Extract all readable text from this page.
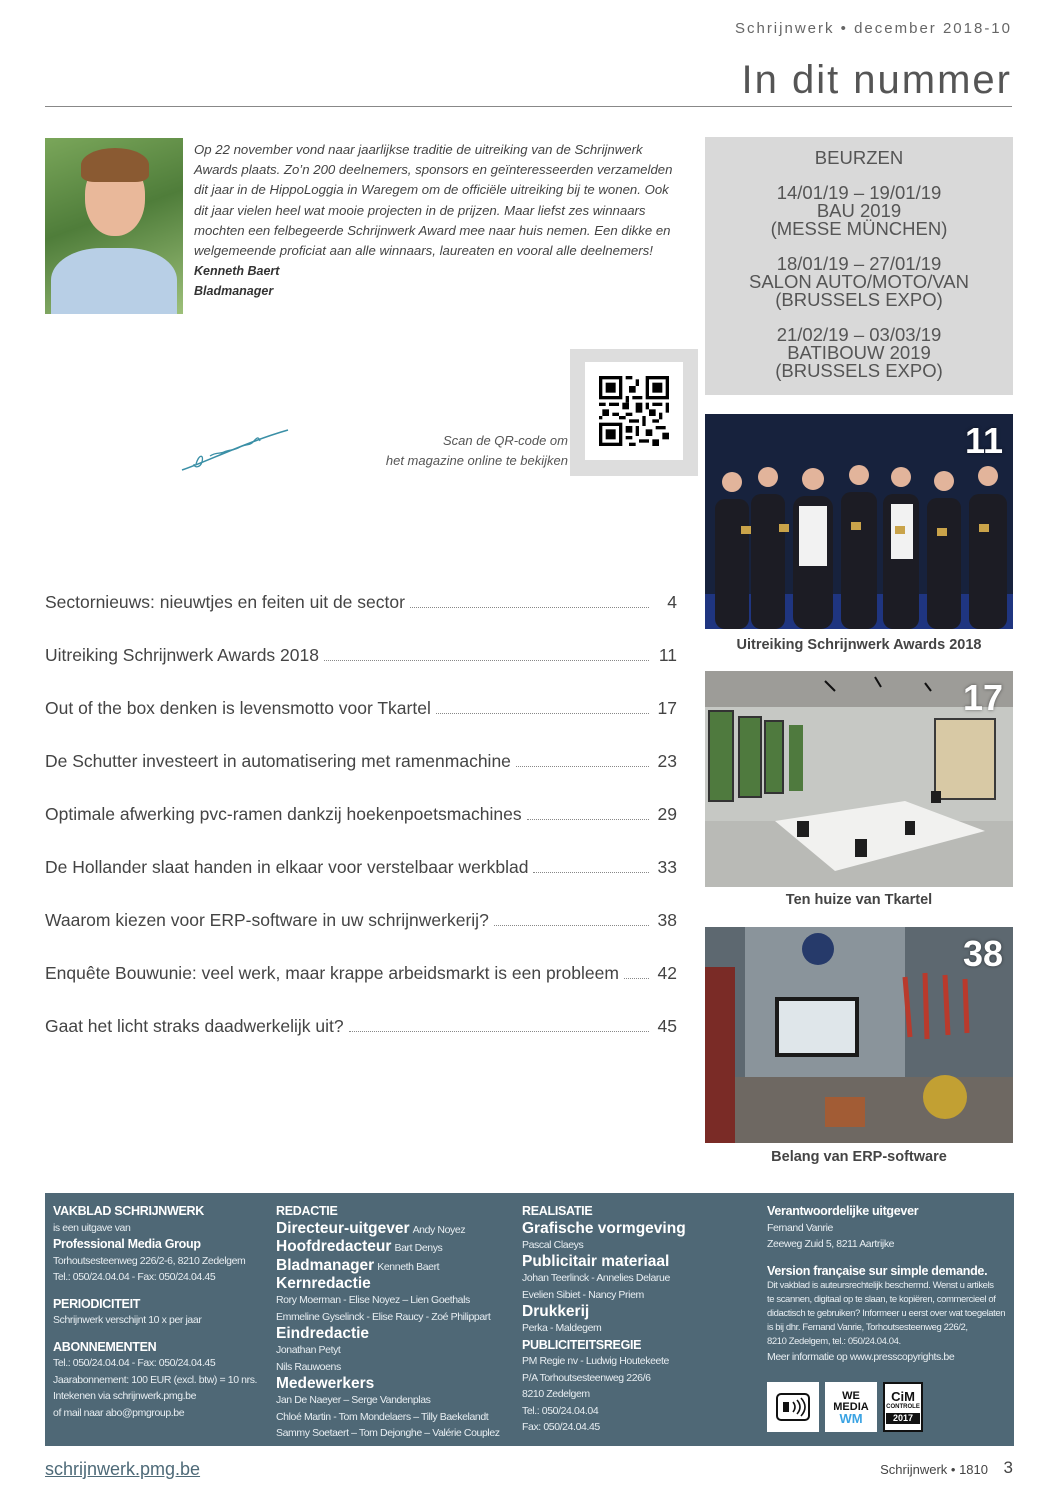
Schrijnwerk • december 2018-10
In dit nummer
Op 22 november vond naar jaarlijkse traditie de uitreiking van de Schrijnwerk Awards plaats. Zo’n 200 deelnemers, sponsors en geïnteresseerden verzamelden dit jaar in de HippoLoggia in Waregem om de officiële uitreiking bij te wonen. Ook dit jaar vielen heel wat mooie projecten in de prijzen. Maar liefst zes winnaars mochten een felbegeerde Schrijnwerk Award mee naar huis nemen. Een dikke en welgemeende proficiat aan alle winnaars, laureaten en vooral alle deelnemers!
Kenneth Baert
Bladmanager
Scan de QR-code om
het magazine online te bekijken
BEURZEN
14/01/19 – 19/01/19
BAU 2019
(MESSE MÜNCHEN)
18/01/19 – 27/01/19
SALON AUTO/MOTO/VAN
(BRUSSELS EXPO)
21/02/19 – 03/03/19
BATIBOUW 2019
(BRUSSELS EXPO)
Sectornieuws: nieuwtjes en feiten uit de sector	4
Uitreiking Schrijnwerk Awards 2018	11
Out of the box denken is levensmotto voor Tkartel	17
De Schutter investeert in automatisering met ramenmachine	23
Optimale afwerking pvc-ramen dankzij hoekenpoetsmachines	29
De Hollander slaat handen in elkaar voor verstelbaar werkblad	33
Waarom kiezen voor ERP-software in uw schrijnwerkerij?	38
Enquête Bouwunie: veel werk, maar krappe arbeidsmarkt is een probleem 42
Gaat het licht straks daadwerkelijk uit?	45
11
Uitreiking Schrijnwerk Awards 2018
17
Ten huize van Tkartel
38
Belang van ERP-software
VAKBLAD SCHRIJNWERK
is een uitgave van
Professional Media Group
Torhoutsesteenweg 226/2-6, 8210 Zedelgem
Tel.: 050/24.04.04 - Fax: 050/24.04.45
PERIODICITEIT
Schrijnwerk verschijnt 10 x per jaar
ABONNEMENTEN
Tel.: 050/24.04.04 - Fax: 050/24.04.45
Jaarabonnement: 100 EUR (excl. btw) = 10 nrs.
Intekenen via schrijnwerk.pmg.be
of mail naar abo@pmgroup.be
REDACTIE
Directeur-uitgever Andy Noyez
Hoofdredacteur Bart Denys
Bladmanager Kenneth Baert
Kernredactie
Rory Moerman - Elise Noyez – Lien Goethals
Emmeline Gyselinck - Elise Raucy - Zoé Philippart
Eindredactie
Jonathan Petyt
Nils Rauwoens
Medewerkers
Jan De Naeyer – Serge Vandenplas
Chloé Martin - Tom Mondelaers – Tilly Baekelandt
Sammy Soetaert – Tom Dejonghe – Valérie Couplez
REALISATIE
Grafische vormgeving
Pascal Claeys
Publicitair materiaal
Johan Teerlinck - Annelies Delarue
Evelien Sibiet - Nancy Priem
Drukkerij
Perka - Maldegem
PUBLICITEITSREGIE
PM Regie nv - Ludwig Houtekeete
P/A Torhoutsesteenweg 226/6
8210 Zedelgem
Tel.: 050/24.04.04
Fax: 050/24.04.45
Verantwoordelijke uitgever
Fernand Vanrie
Zeeweg Zuid 5, 8211 Aartrijke
Version française sur simple demande.
Dit vakblad is auteursrechtelijk beschermd. Wenst u artikels
te scannen, digitaal op te slaan, te kopiëren, commercieel of
didactisch te gebruiken? Informeer u eerst over wat toegelaten
is bij dhr. Fernand Vanrie, Torhoutsesteenweg 226/2,
8210 Zedelgem, tel.: 050/24.04.04.
Meer informatie op www.presscopyrights.be
WE
MEDIA
WM
CiM
CONTROLE
2017
schrijnwerk.pmg.be	Schrijnwerk • 1810 3
